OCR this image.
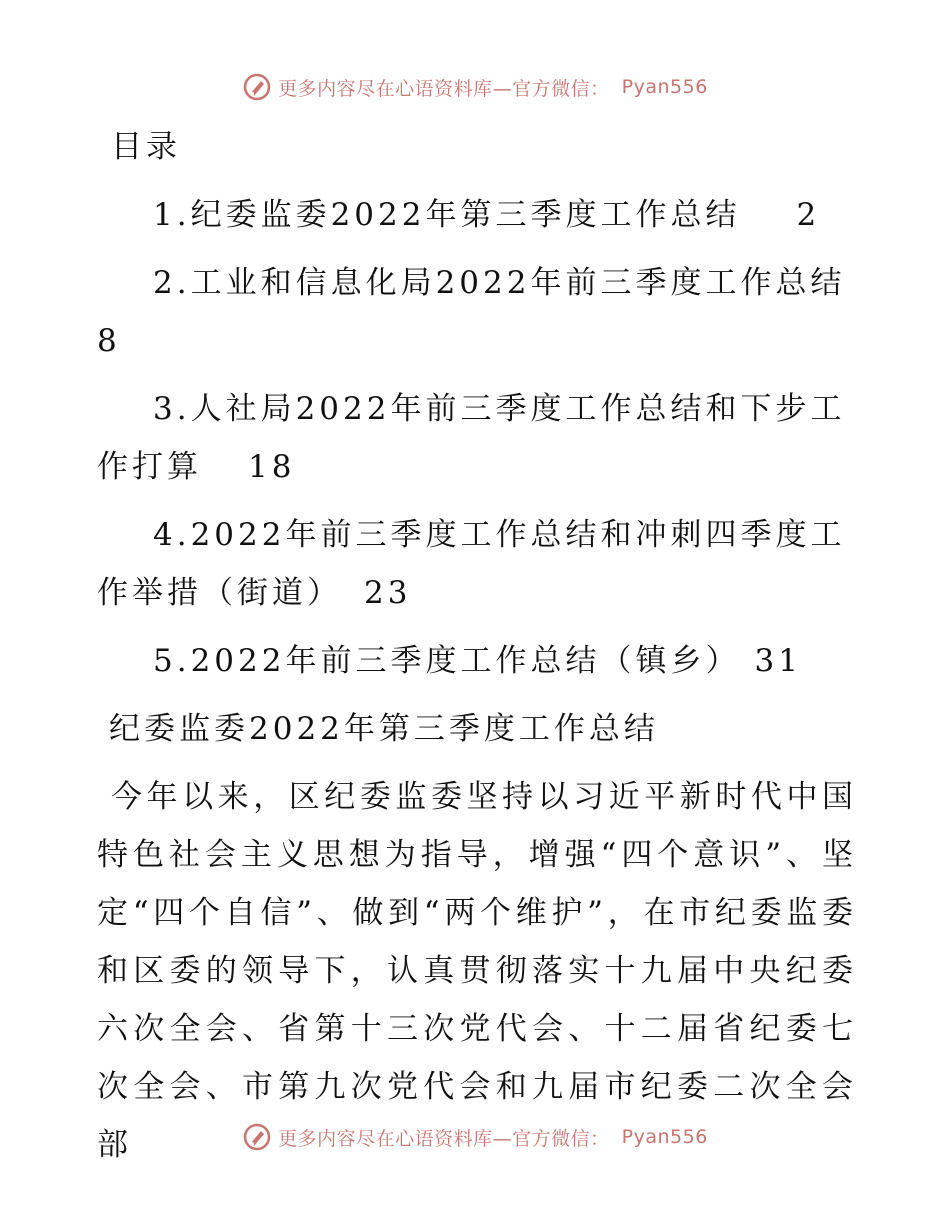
更多内容尽在心语资料库—官方微信： Pyan556
目录
1.纪委监委2022年第三季度工作总结 2
2.工业和信息化局2022年前三季度工作总结8
3.人社局2022年前三季度工作总结和下步工作打算 18
4.2022年前三季度工作总结和冲刺四季度工作举措（街道） 23
5.2022年前三季度工作总结（镇乡） 31
纪委监委2022年第三季度工作总结

今年以来，区纪委监委坚持以习近平新时代中国特色社会主义思想为指导，增强“四个意识”、坚定“四个自信”、做到“两个维护”，在市纪委监委和区委的领导下，认真贯彻落实十九届中央纪委六次全会、省第十三次党代会、十二届省纪委七次全会、市第九次党代会和九届市纪委二次全会部	更多内容尽在心语资料库—官方微信： Pyan556
